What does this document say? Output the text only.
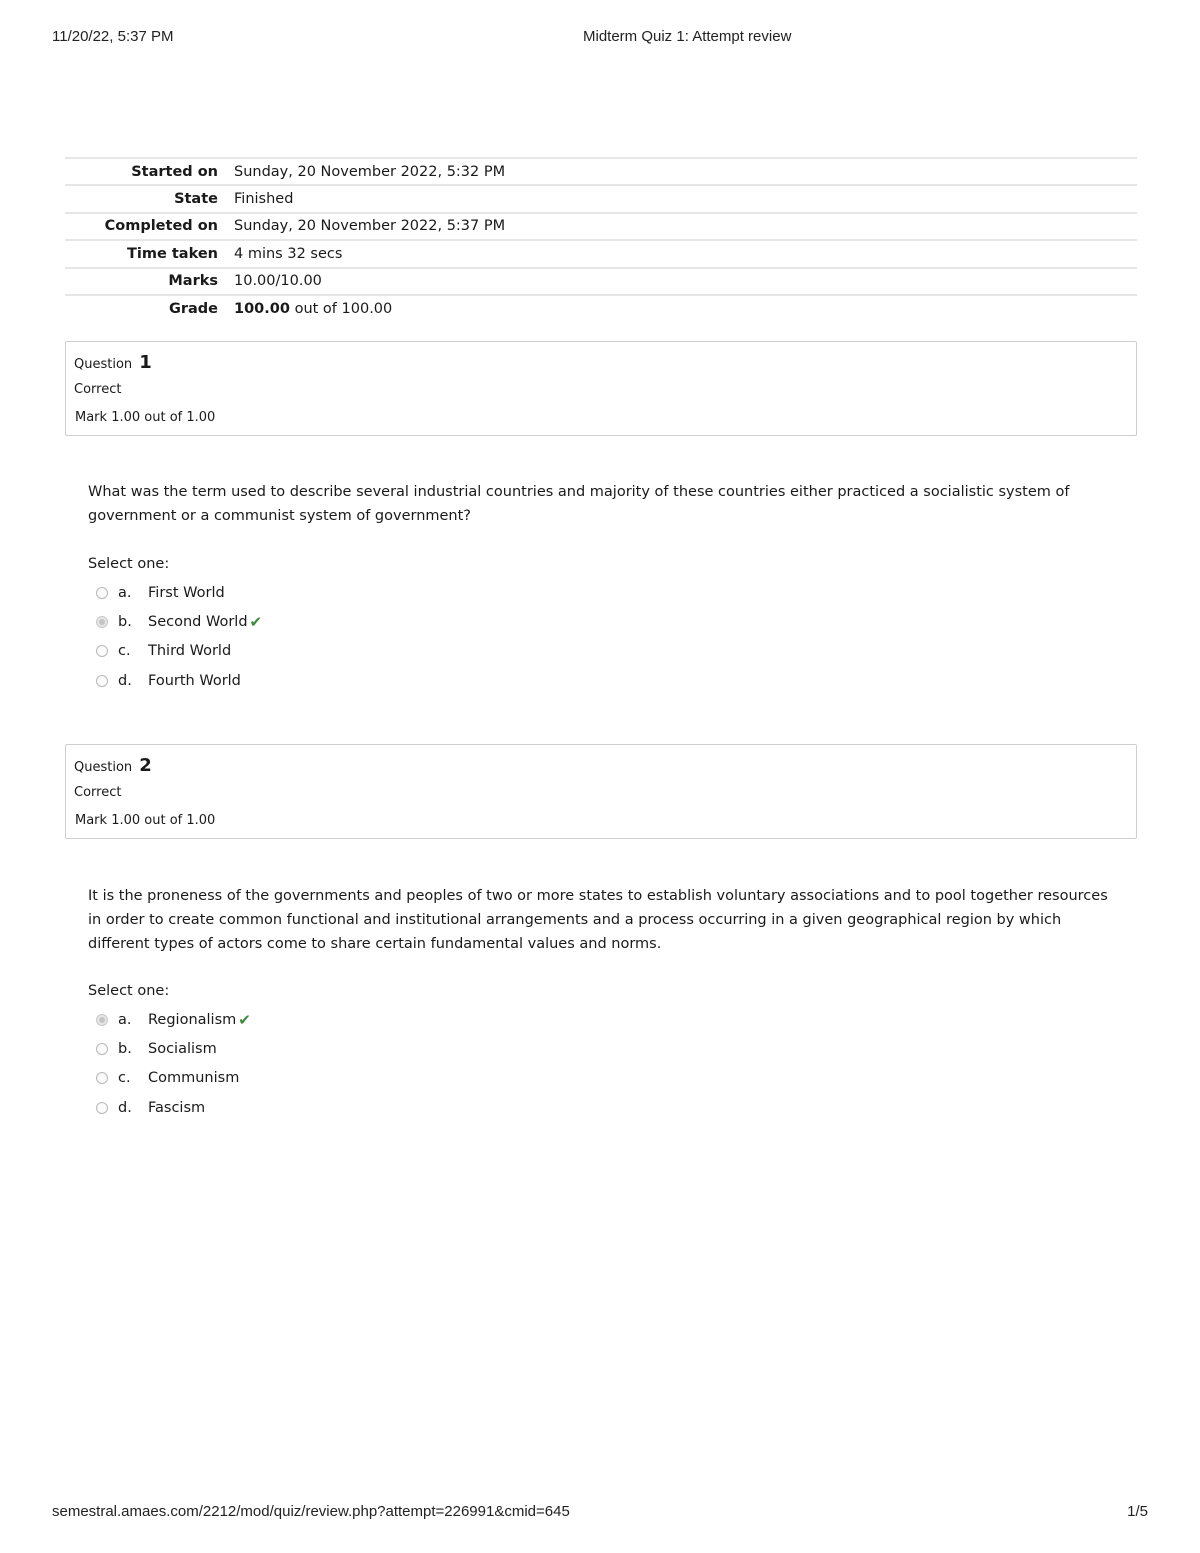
11/20/22, 5:37 PM	Midterm Quiz 1: Attempt review
Started on	Sunday, 20 November 2022, 5:32 PM
State	Finished
Completed on	Sunday, 20 November 2022, 5:37 PM
Time taken	4 mins 32 secs
Marks	10.00/10.00
Grade	100.00 out of 100.00
Question 1
Correct
Mark 1.00 out of 1.00
What was the term used to describe several industrial countries and majority of these countries either practiced a socialistic system of government or a communist system of government?
Select one:
a.	First World
b.	Second World ✔
c.	Third World
d.	Fourth World
Question 2
Correct
Mark 1.00 out of 1.00
It is the proneness of the governments and peoples of two or more states to establish voluntary associations and to pool together resources in order to create common functional and institutional arrangements and a process occurring in a given geographical region by which different types of actors come to share certain fundamental values and norms.
Select one:
a.	Regionalism ✔
b.	Socialism
c.	Communism
d.	Fascism
semestral.amaes.com/2212/mod/quiz/review.php?attempt=226991&cmid=645	1/5
